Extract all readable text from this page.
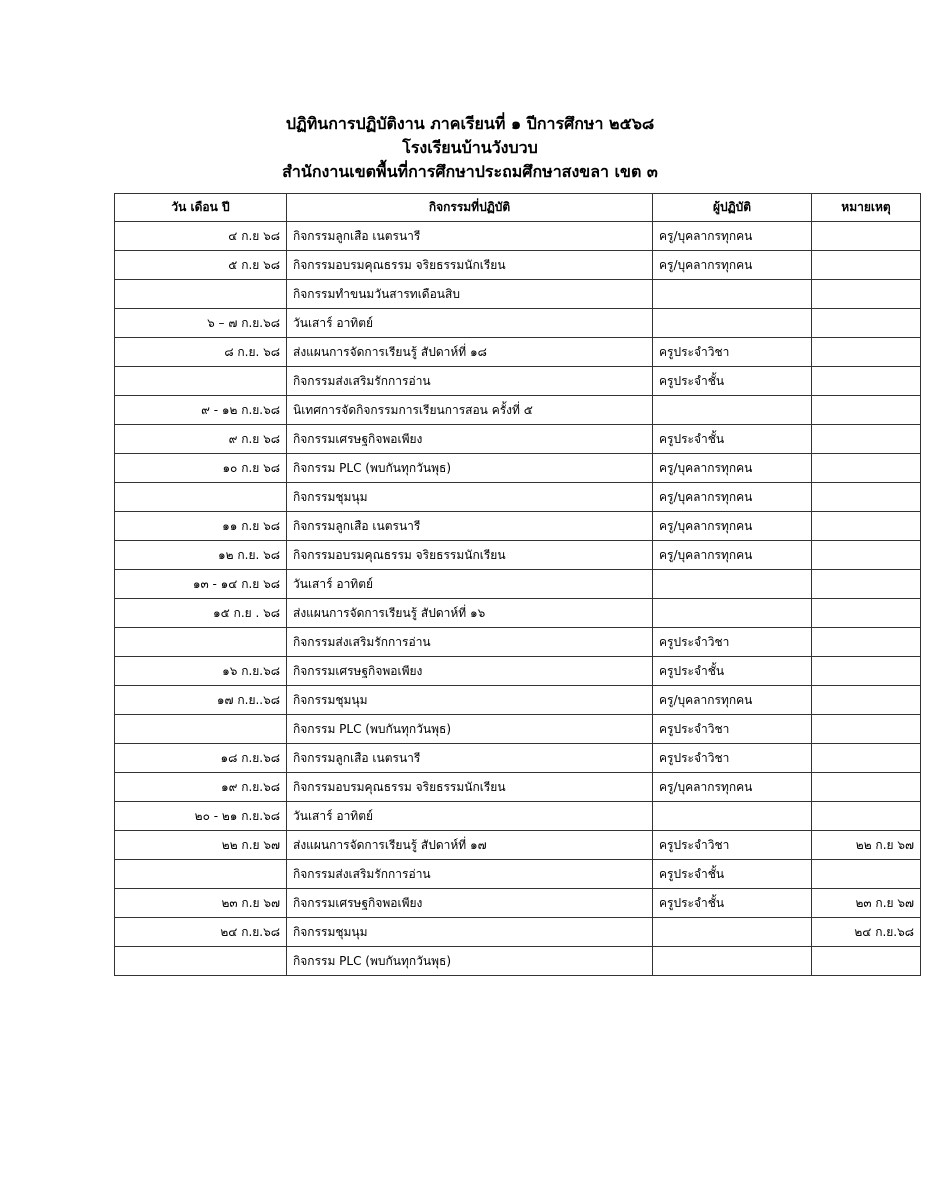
ปฏิทินการปฏิบัติงาน ภาคเรียนที่ ๑ ปีการศึกษา ๒๕๖๘
โรงเรียนบ้านวังบวบ
สำนักงานเขตพื้นที่การศึกษาประถมศึกษาสงขลา เขต ๓
วัน เดือน ปี	กิจกรรมที่ปฏิบัติ	ผู้ปฏิบัติ	หมายเหตุ
๔ ก.ย ๖๘	กิจกรรมลูกเสือ เนตรนารี	ครู/บุคลากรทุกคน	
๕ ก.ย ๖๘	กิจกรรมอบรมคุณธรรม จริยธรรมนักเรียน	ครู/บุคลากรทุกคน	
	กิจกรรมทำขนมวันสารทเดือนสิบ		
๖ – ๗ ก.ย.๖๘	วันเสาร์ อาทิตย์		
๘ ก.ย. ๖๘	ส่งแผนการจัดการเรียนรู้ สัปดาห์ที่ ๑๘	ครูประจำวิชา	
	กิจกรรมส่งเสริมรักการอ่าน	ครูประจำชั้น	
๙ - ๑๒ ก.ย.๖๘	นิเทศการจัดกิจกรรมการเรียนการสอน ครั้งที่ ๕		
๙ ก.ย ๖๘	กิจกรรมเศรษฐกิจพอเพียง	ครูประจำชั้น	
๑๐ ก.ย ๖๘	กิจกรรม PLC (พบกันทุกวันพุธ)	ครู/บุคลากรทุกคน	
	กิจกรรมชุมนุม	ครู/บุคลากรทุกคน	
๑๑ ก.ย ๖๘	กิจกรรมลูกเสือ เนตรนารี	ครู/บุคลากรทุกคน	
๑๒ ก.ย. ๖๘	กิจกรรมอบรมคุณธรรม จริยธรรมนักเรียน	ครู/บุคลากรทุกคน	
๑๓ - ๑๔ ก.ย ๖๘	วันเสาร์ อาทิตย์		
๑๕ ก.ย . ๖๘	ส่งแผนการจัดการเรียนรู้ สัปดาห์ที่ ๑๖		
	กิจกรรมส่งเสริมรักการอ่าน	ครูประจำวิชา	
๑๖ ก.ย.๖๘	กิจกรรมเศรษฐกิจพอเพียง	ครูประจำชั้น	
๑๗ ก.ย..๖๘	กิจกรรมชุมนุม	ครู/บุคลากรทุกคน	
	กิจกรรม PLC (พบกันทุกวันพุธ)	ครูประจำวิชา	
๑๘ ก.ย.๖๘	กิจกรรมลูกเสือ เนตรนารี	ครูประจำวิชา	
๑๙ ก.ย.๖๘	กิจกรรมอบรมคุณธรรม จริยธรรมนักเรียน	ครู/บุคลากรทุกคน	
๒๐ - ๒๑ ก.ย.๖๘	วันเสาร์ อาทิตย์		
๒๒ ก.ย ๖๗	ส่งแผนการจัดการเรียนรู้ สัปดาห์ที่ ๑๗	ครูประจำวิชา	๒๒ ก.ย ๖๗
	กิจกรรมส่งเสริมรักการอ่าน	ครูประจำชั้น	
๒๓ ก.ย ๖๗	กิจกรรมเศรษฐกิจพอเพียง	ครูประจำชั้น	๒๓ ก.ย ๖๗
๒๔ ก.ย.๖๘	กิจกรรมชุมนุม		๒๔ ก.ย.๖๘
	กิจกรรม PLC (พบกันทุกวันพุธ)		
